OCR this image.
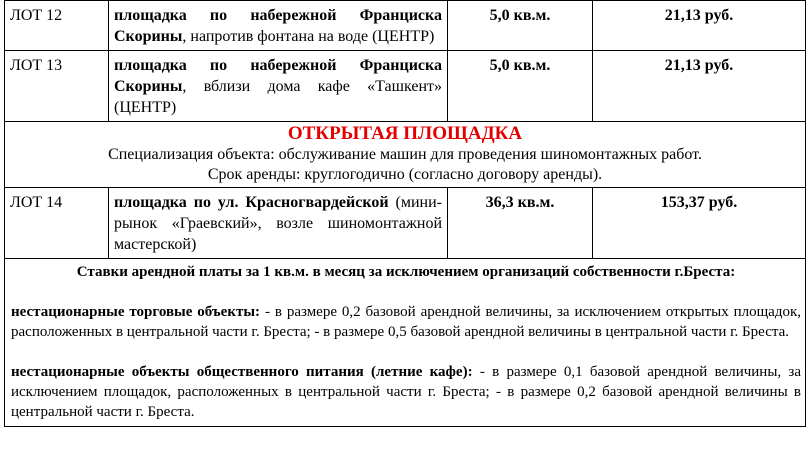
ЛОТ 12	площадка по набережной Франциска Скорины, напротив фонтана на воде (ЦЕНТР)	5,0 кв.м.	21,13 руб.
ЛОТ 13	площадка по набережной Франциска Скорины, вблизи дома кафе «Ташкент» (ЦЕНТР)	5,0 кв.м.	21,13 руб.

ОТКРЫТАЯ ПЛОЩАДКА
Специализация объекта: обслуживание машин для проведения шиномонтажных работ.
Срок аренды: круглогодично (согласно договору аренды).			

ЛОТ 14	площадка по ул. Красногвардейской (мини-рынок «Граевский», возле шиномонтажной мастерской)	36,3 кв.м.	153,37 руб.

Ставки арендной платы за 1 кв.м. в месяц за исключением организаций собственности г.Бреста:

нестационарные торговые объекты: - в размере 0,2 базовой арендной величины, за исключением открытых площадок, расположенных в центральной части г. Бреста; - в размере 0,5 базовой арендной величины в центральной части г. Бреста.

нестационарные объекты общественного питания (летние кафе): - в размере 0,1 базовой арендной величины, за исключением площадок, расположенных в центральной части г. Бреста; - в размере 0,2 базовой арендной величины в центральной части г. Бреста.			
